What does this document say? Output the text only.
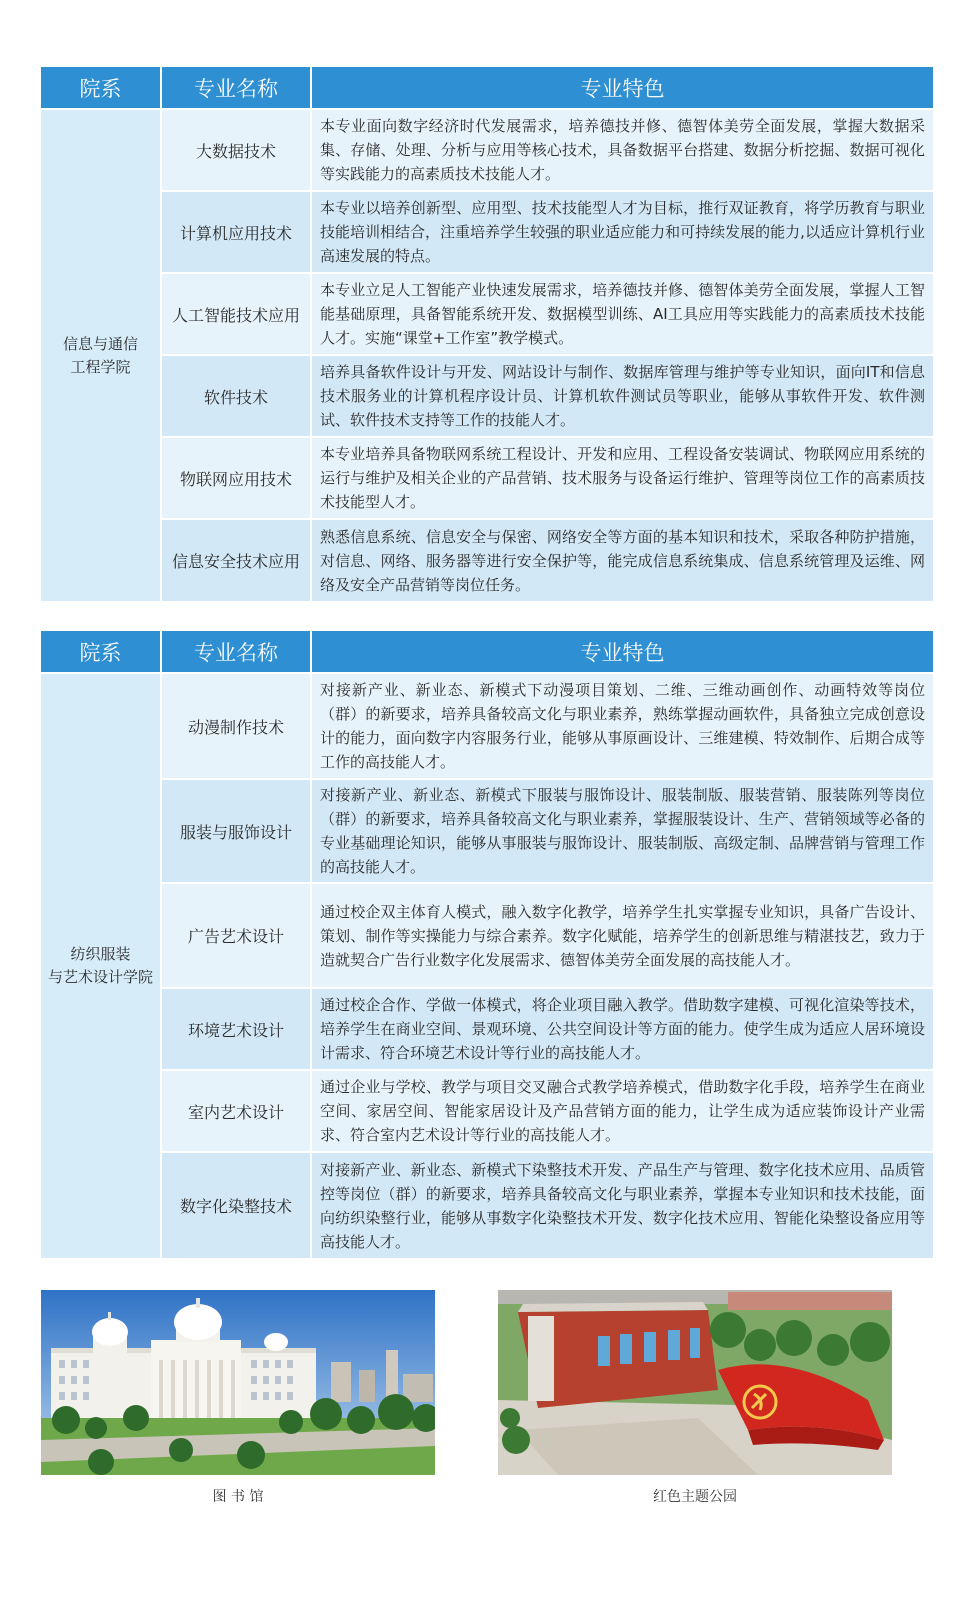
院系	专业名称	专业特色
信息与通信
工程学院	大数据技术	本专业面向数字经济时代发展需求，培养德技并修、德智体美劳全面发展，掌握大数据采集、存储、处理、分析与应用等核心技术，具备数据平台搭建、数据分析挖掘、数据可视化等实践能力的高素质技术技能人才。
	计算机应用技术	本专业以培养创新型、应用型、技术技能型人才为目标，推行双证教育，将学历教育与职业技能培训相结合，注重培养学生较强的职业适应能力和可持续发展的能力,以适应计算机行业高速发展的特点。
	人工智能技术应用	本专业立足人工智能产业快速发展需求，培养德技并修、德智体美劳全面发展，掌握人工智能基础原理，具备智能系统开发、数据模型训练、AI工具应用等实践能力的高素质技术技能人才。实施“课堂+工作室”教学模式。
	软件技术	培养具备软件设计与开发、网站设计与制作、数据库管理与维护等专业知识，面向IT和信息技术服务业的计算机程序设计员、计算机软件测试员等职业，能够从事软件开发、软件测试、软件技术支持等工作的技能人才。
	物联网应用技术	本专业培养具备物联网系统工程设计、开发和应用、工程设备安装调试、物联网应用系统的运行与维护及相关企业的产品营销、技术服务与设备运行维护、管理等岗位工作的高素质技术技能型人才。
	信息安全技术应用	熟悉信息系统、信息安全与保密、网络安全等方面的基本知识和技术，采取各种防护措施，对信息、网络、服务器等进行安全保护等，能完成信息系统集成、信息系统管理及运维、网络及安全产品营销等岗位任务。
院系	专业名称	专业特色
纺织服装
与艺术设计学院	动漫制作技术	对接新产业、新业态、新模式下动漫项目策划、二维、三维动画创作、动画特效等岗位（群）的新要求，培养具备较高文化与职业素养，熟练掌握动画软件，具备独立完成创意设计的能力，面向数字内容服务行业，能够从事原画设计、三维建模、特效制作、后期合成等工作的高技能人才。
	服装与服饰设计	对接新产业、新业态、新模式下服装与服饰设计、服装制版、服装营销、服装陈列等岗位（群）的新要求，培养具备较高文化与职业素养，掌握服装设计、生产、营销领域等必备的专业基础理论知识，能够从事服装与服饰设计、服装制版、高级定制、品牌营销与管理工作的高技能人才。
	广告艺术设计	通过校企双主体育人模式，融入数字化教学，培养学生扎实掌握专业知识，具备广告设计、策划、制作等实操能力与综合素养。数字化赋能，培养学生的创新思维与精湛技艺，致力于造就契合广告行业数字化发展需求、德智体美劳全面发展的高技能人才。
	环境艺术设计	通过校企合作、学做一体模式，将企业项目融入教学。借助数字建模、可视化渲染等技术，培养学生在商业空间、景观环境、公共空间设计等方面的能力。使学生成为适应人居环境设计需求、符合环境艺术设计等行业的高技能人才。
	室内艺术设计	通过企业与学校、教学与项目交叉融合式教学培养模式，借助数字化手段，培养学生在商业空间、家居空间、智能家居设计及产品营销方面的能力，让学生成为适应装饰设计产业需求、符合室内艺术设计等行业的高技能人才。
	数字化染整技术	对接新产业、新业态、新模式下染整技术开发、产品生产与管理、数字化技术应用、品质管控等岗位（群）的新要求，培养具备较高文化与职业素养，掌握本专业知识和技术技能，面向纺织染整行业，能够从事数字化染整技术开发、数字化技术应用、智能化染整设备应用等高技能人才。
图 书 馆	红色主题公园
